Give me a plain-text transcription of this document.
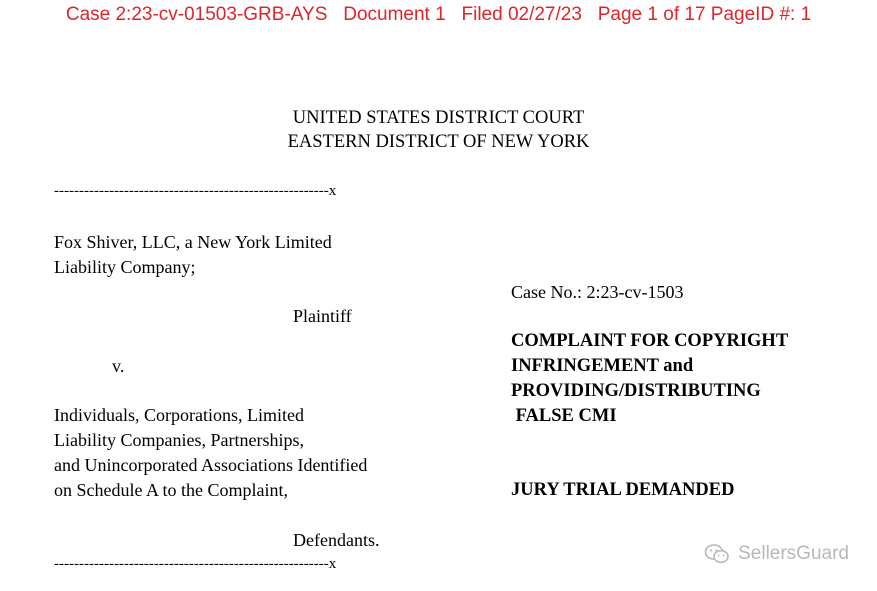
Case 2:23-cv-01503-GRB-AYS   Document 1   Filed 02/27/23   Page 1 of 17 PageID #: 1
UNITED STATES DISTRICT COURT
EASTERN DISTRICT OF NEW YORK
-------------------------------------------------------x
Fox Shiver, LLC, a New York Limited
Liability Company;
Plaintiff
v.
Individuals, Corporations, Limited
Liability Companies, Partnerships,
and Unincorporated Associations Identified
on Schedule A to the Complaint,
Defendants.
-------------------------------------------------------x
Case No.: 2:23-cv-1503
COMPLAINT FOR COPYRIGHT
INFRINGEMENT and
PROVIDING/DISTRIBUTING
FALSE CMI
JURY TRIAL DEMANDED
SellersGuard
